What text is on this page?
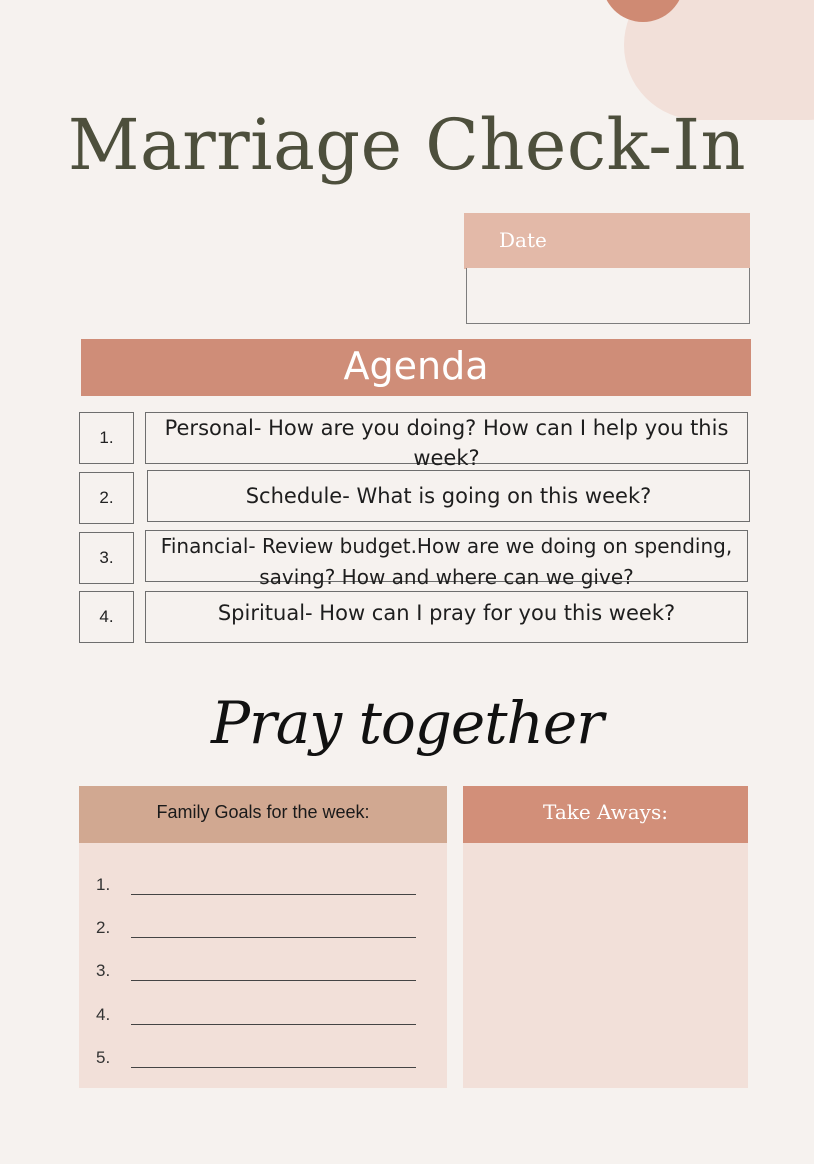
Marriage Check-In
Date
Agenda
1.	Personal- How are you doing? How can I help you this week?
2.	Schedule- What is going on this week?
3.	Financial- Review budget.How are we doing on spending, saving? How and where can we give?
4.	Spiritual- How can I pray for you this week?
Pray together
Family Goals for the week:
1.
2.
3.
4.
5.
Take Aways:
